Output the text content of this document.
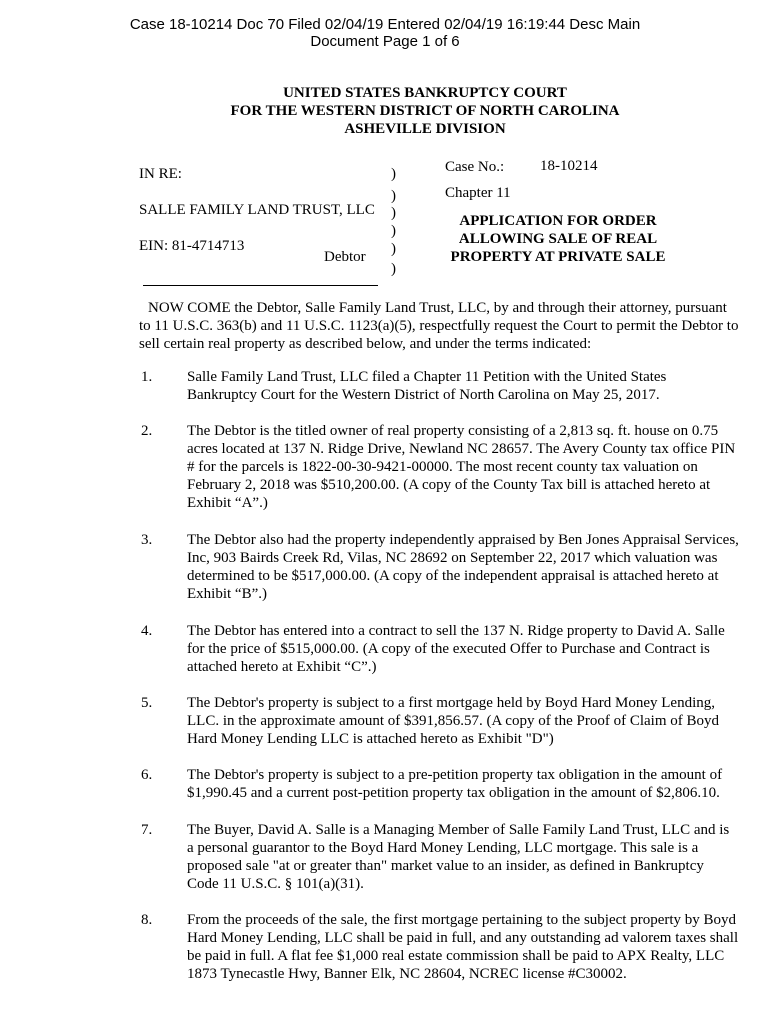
Case 18-10214 Doc 70 Filed 02/04/19 Entered 02/04/19 16:19:44 Desc Main
Document Page 1 of 6
UNITED STATES BANKRUPTCY COURT
FOR THE WESTERN DISTRICT OF NORTH CAROLINA
ASHEVILLE DIVISION
IN RE:
SALLE FAMILY LAND TRUST, LLC
EIN: 81-4714713
Debtor
)
)
)
)
)
)
Case No.: 18-10214
Chapter 11
APPLICATION FOR ORDER
ALLOWING SALE OF REAL
PROPERTY AT PRIVATE SALE
NOW COME the Debtor, Salle Family Land Trust, LLC, by and through their attorney, pursuant to 11 U.S.C. 363(b) and 11 U.S.C. 1123(a)(5), respectfully request the Court to permit the Debtor to sell certain real property as described below, and under the terms indicated:
1. Salle Family Land Trust, LLC filed a Chapter 11 Petition with the United States Bankruptcy Court for the Western District of North Carolina on May 25, 2017.
2. The Debtor is the titled owner of real property consisting of a 2,813 sq. ft. house on 0.75 acres located at 137 N. Ridge Drive, Newland NC 28657. The Avery County tax office PIN # for the parcels is 1822-00-30-9421-00000. The most recent county tax valuation on February 2, 2018 was $510,200.00. (A copy of the County Tax bill is attached hereto at Exhibit “A”.)
3. The Debtor also had the property independently appraised by Ben Jones Appraisal Services, Inc, 903 Bairds Creek Rd, Vilas, NC 28692 on September 22, 2017 which valuation was determined to be $517,000.00. (A copy of the independent appraisal is attached hereto at Exhibit “B”.)
4. The Debtor has entered into a contract to sell the 137 N. Ridge property to David A. Salle for the price of $515,000.00. (A copy of the executed Offer to Purchase and Contract is attached hereto at Exhibit “C”.)
5. The Debtor's property is subject to a first mortgage held by Boyd Hard Money Lending, LLC. in the approximate amount of $391,856.57. (A copy of the Proof of Claim of Boyd Hard Money Lending LLC is attached hereto as Exhibit "D")
6. The Debtor's property is subject to a pre-petition property tax obligation in the amount of $1,990.45 and a current post-petition property tax obligation in the amount of $2,806.10.
7. The Buyer, David A. Salle is a Managing Member of Salle Family Land Trust, LLC and is a personal guarantor to the Boyd Hard Money Lending, LLC mortgage. This sale is a proposed sale "at or greater than" market value to an insider, as defined in Bankruptcy Code 11 U.S.C. § 101(a)(31).
8. From the proceeds of the sale, the first mortgage pertaining to the subject property by Boyd Hard Money Lending, LLC shall be paid in full, and any outstanding ad valorem taxes shall be paid in full. A flat fee $1,000 real estate commission shall be paid to APX Realty, LLC 1873 Tynecastle Hwy, Banner Elk, NC 28604, NCREC license #C30002.
